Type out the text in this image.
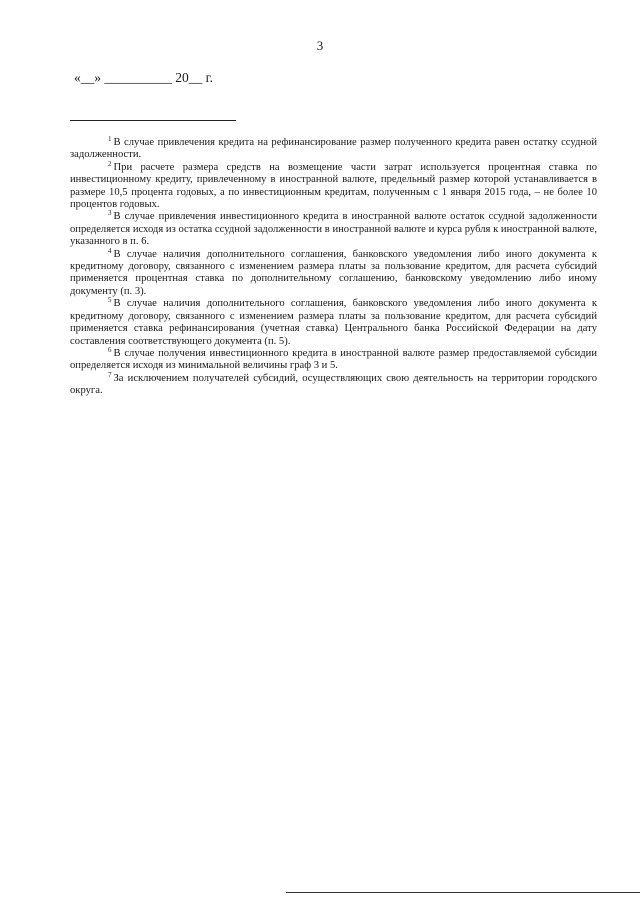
3
«__» __________ 20__ г.

$^1$ В случае привлечения кредита на рефинансирование размер полученного кредита равен остатку ссудной задолженности.

$^2$ При расчете размера средств на возмещение части затрат используется процентная ставка по инвестиционному кредиту, привлеченному в иностранной валюте, предельный размер которой устанавливается в размере 10,5 процента годовых, а по инвестиционным кредитам, полученным с 1 января 2015 года, – не более 10 процентов годовых.

$^3$ В случае привлечения инвестиционного кредита в иностранной валюте остаток ссудной задолженности определяется исходя из остатка ссудной задолженности в иностранной валюте и курса рубля к иностранной валюте, указанного в п. 6.

$^4$ В случае наличия дополнительного соглашения, банковского уведомления либо иного документа к кредитному договору, связанного с изменением размера платы за пользование кредитом, для расчета субсидий применяется процентная ставка по дополнительному соглашению, банковскому уведомлению либо иному документу (п. 3).

$^5$ В случае наличия дополнительного соглашения, банковского уведомления либо иного документа к кредитному договору, связанного с изменением размера платы за пользование кредитом, для расчета субсидий применяется ставка рефинансирования (учетная ставка) Центрального банка Российской Федерации на дату составления соответствующего документа (п. 5).

$^6$ В случае получения инвестиционного кредита в иностранной валюте размер предоставляемой субсидии определяется исходя из минимальной величины граф 3 и 5.

$^7$ За исключением получателей субсидий, осуществляющих свою деятельность на территории городского округа.
